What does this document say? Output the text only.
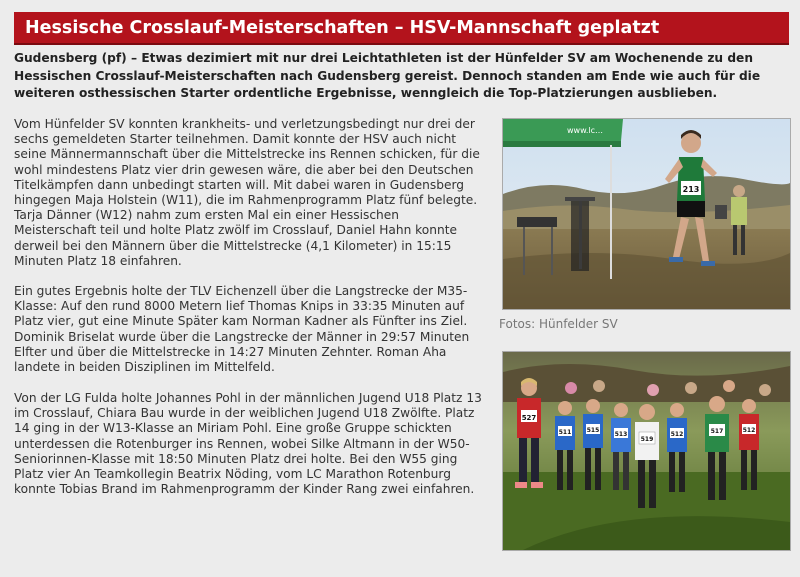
Hessische Crosslauf-Meisterschaften – HSV-Mannschaft geplatzt

Gudensberg (pf) – Etwas dezimiert mit nur drei Leichtathleten ist der Hünfelder SV am Wochenende zu den Hessischen Crosslauf-Meisterschaften nach Gudensberg gereist. Dennoch standen am Ende wie auch für die weiteren osthessischen Starter ordentliche Ergebnisse, wenngleich die Top-Platzierungen ausblieben.

Vom Hünfelder SV konnten krankheits- und verletzungsbedingt nur drei der sechs gemeldeten Starter teilnehmen. Damit konnte der HSV auch nicht seine Männermannschaft über die Mittelstrecke ins Rennen schicken, für die wohl mindestens Platz vier drin gewesen wäre, die aber bei den Deutschen Titelkämpfen dann unbedingt starten will. Mit dabei waren in Gudensberg hingegen Maja Holstein (W11), die im Rahmenprogramm Platz fünf belegte. Tarja Dänner (W12) nahm zum ersten Mal ein einer Hessischen Meisterschaft teil und holte Platz zwölf im Crosslauf, Daniel Hahn konnte derweil bei den Männern über die Mittelstrecke (4,1 Kilometer) in 15:15 Minuten Platz 18 einfahren.

Ein gutes Ergebnis holte der TLV Eichenzell über die Langstrecke der M35-Klasse: Auf den rund 8000 Metern lief Thomas Knips in 33:35 Minuten auf Platz vier, gut eine Minute Später kam Norman Kadner als Fünfter ins Ziel. Dominik Briselat wurde über die Langstrecke der Männer in 29:57 Minuten Elfter und über die Mittelstrecke in 14:27 Minuten Zehnter. Roman Aha landete in beiden Disziplinen im Mittelfeld.

Von der LG Fulda holte Johannes Pohl in der männlichen Jugend U18 Platz 13 im Crosslauf, Chiara Bau wurde in der weiblichen Jugend U18 Zwölfte. Platz 14 ging in der W13-Klasse an Miriam Pohl. Eine große Gruppe schickten unterdessen die Rotenburger ins Rennen, wobei Silke Altmann in der W50-Seniorinnen-Klasse mit 18:50 Minuten Platz drei holte. Bei den W55 ging Platz vier An Teamkollegin Beatrix Nöding, vom LC Marathon Rotenburg konnte Tobias Brand im Rahmenprogramm der Kinder Rang zwei einfahren.

www.lc…
213

Fotos: Hünfelder SV

527
511	515
513
519
512	517	512
